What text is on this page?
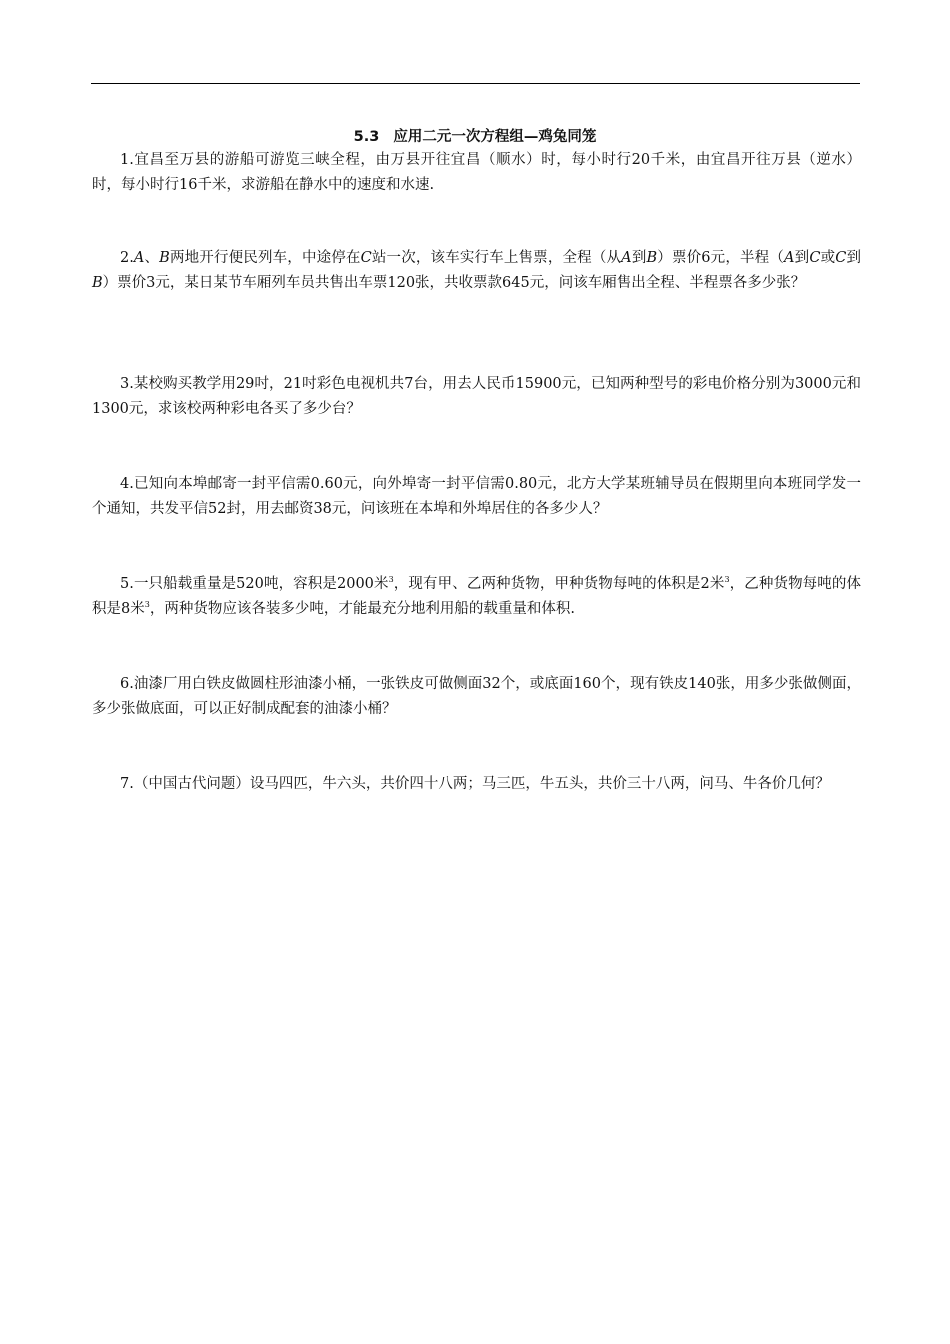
5.3 应用二元一次方程组—鸡兔同笼
1.宜昌至万县的游船可游览三峡全程，由万县开往宜昌（顺水）时，每小时行20千米，由宜昌开往万县（逆水）时，每小时行16千米，求游船在静水中的速度和水速.
2.A、B两地开行便民列车，中途停在C站一次，该车实行车上售票，全程（从A到B）票价6元，半程（A到C或C到B）票价3元，某日某节车厢列车员共售出车票120张，共收票款645元，问该车厢售出全程、半程票各多少张？
3.某校购买教学用29吋，21吋彩色电视机共7台，用去人民币15900元，已知两种型号的彩电价格分别为3000元和1300元，求该校两种彩电各买了多少台？
4.已知向本埠邮寄一封平信需0.60元，向外埠寄一封平信需0.80元，北方大学某班辅导员在假期里向本班同学发一个通知，共发平信52封，用去邮资38元，问该班在本埠和外埠居住的各多少人？
5.一只船载重量是520吨，容积是2000米$^3$，现有甲、乙两种货物，甲种货物每吨的体积是2米$^3$，乙种货物每吨的体积是8米$^3$，两种货物应该各装多少吨，才能最充分地利用船的载重量和体积.
6.油漆厂用白铁皮做圆柱形油漆小桶，一张铁皮可做侧面32个，或底面160个，现有铁皮140张，用多少张做侧面，多少张做底面，可以正好制成配套的油漆小桶？
7.（中国古代问题）设马四匹，牛六头，共价四十八两；马三匹，牛五头，共价三十八两，问马、牛各价几何？
